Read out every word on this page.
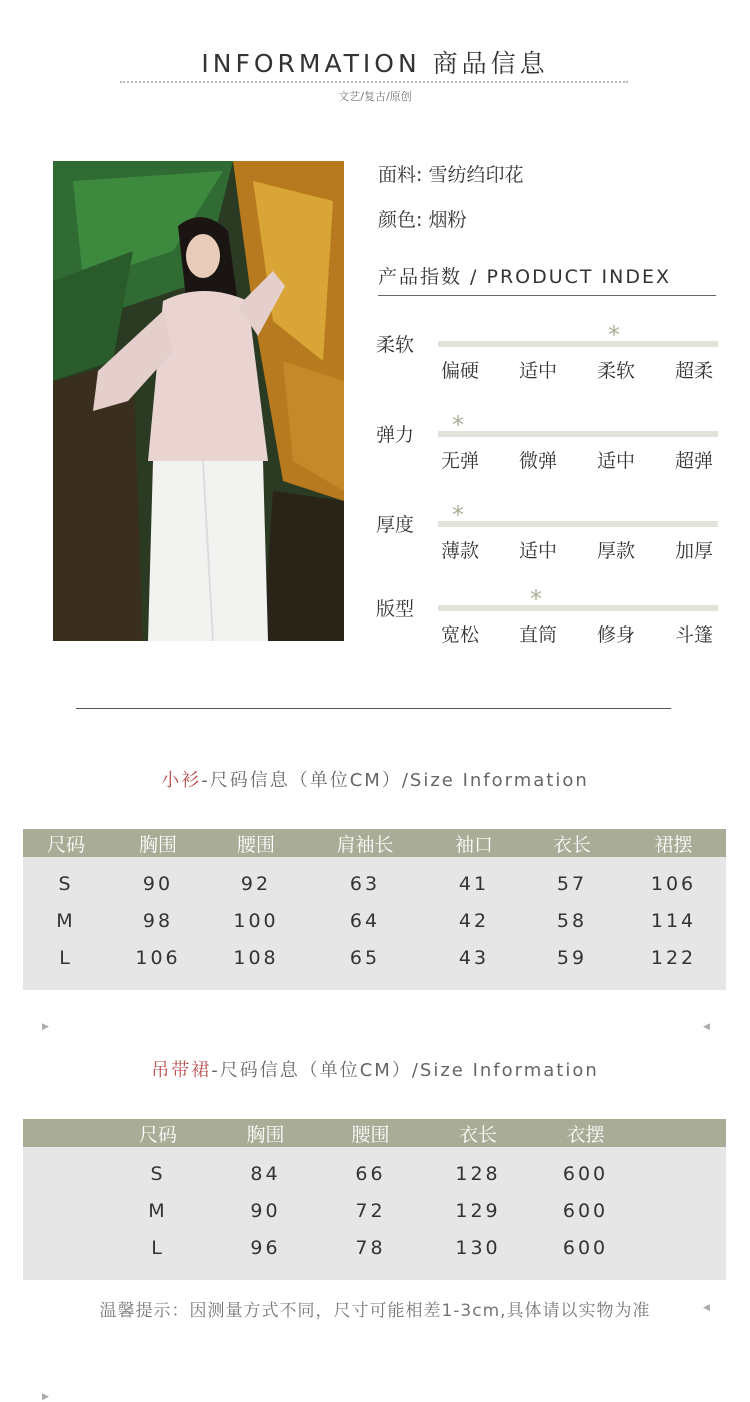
INFORMATION 商品信息
文艺/复古/原创
面料: 雪纺绉印花
颜色: 烟粉
产品指数 / PRODUCT INDEX
柔软	*
偏硬	适中	柔软	超柔
弹力 *
无弹	微弹	适中	超弹
厚度 *
薄款	适中	厚款	加厚
版型	*
宽松	直筒	修身	斗篷
小衫-尺码信息（单位CM）/Size Information
尺码	胸围	腰围	肩袖长	袖口	衣长	裙摆
S	90	92	63	41	57	106
M	98	100	64	42	58	114
L	106	108	65	43	59	122
▶	◀
吊带裙-尺码信息（单位CM）/Size Information
	尺码	胸围	腰围	衣长	衣摆	
	S	84	66	128	600	
	M	90	72	129	600	
	L	96	78	130	600	
温馨提示：因测量方式不同，尺寸可能相差1-3cm,具体请以实物为准	◀
▶
